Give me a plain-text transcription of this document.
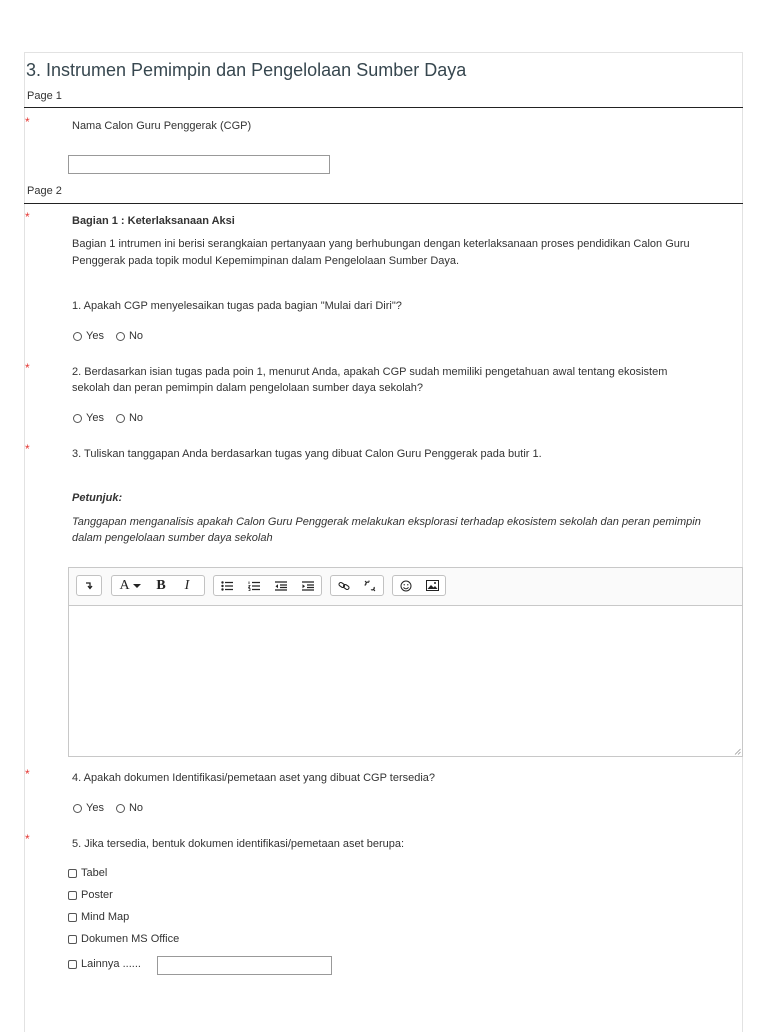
3. Instrumen Pemimpin dan Pengelolaan Sumber Daya
Page 1
*	Nama Calon Guru Penggerak (CGP)
Page 2
*	Bagian 1 : Keterlaksanaan Aksi
Bagian 1 intrumen ini berisi serangkaian pertanyaan yang berhubungan dengan keterlaksanaan proses pendidikan Calon Guru
Penggerak pada topik modul Kepemimpinan dalam Pengelolaan Sumber Daya.
1. Apakah CGP menyelesaikan tugas pada bagian "Mulai dari Diri"?
Yes No
*	2. Berdasarkan isian tugas pada poin 1, menurut Anda, apakah CGP sudah memiliki pengetahuan awal tentang ekosistem
sekolah dan peran pemimpin dalam pengelolaan sumber daya sekolah?
Yes No
*	3. Tuliskan tanggapan Anda berdasarkan tugas yang dibuat Calon Guru Penggerak pada butir 1.
Petunjuk:
Tanggapan menganalisis apakah Calon Guru Penggerak melakukan eksplorasi terhadap ekosistem sekolah dan peran pemimpin
dalam pengelolaan sumber daya sekolah
A	B	I
*	4. Apakah dokumen Identifikasi/pemetaan aset yang dibuat CGP tersedia?
Yes No
*	5. Jika tersedia, bentuk dokumen identifikasi/pemetaan aset berupa:
Tabel
Poster
Mind Map
Dokumen MS Office
Lainnya ......
